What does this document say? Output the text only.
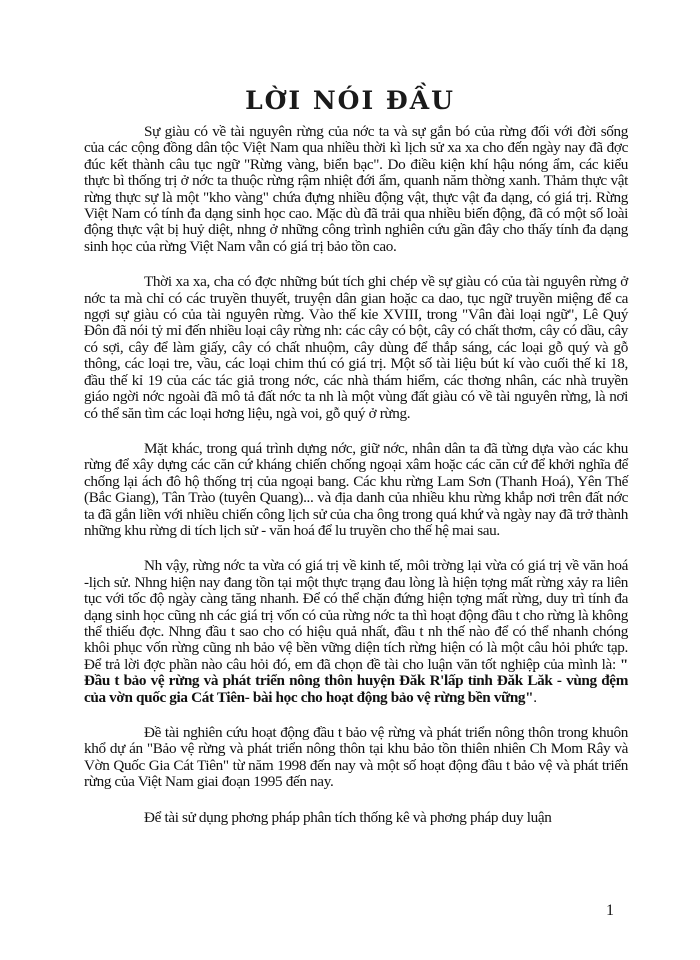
LỜI NÓI ĐẦU

Sự giàu có về tài nguyên rừng của nớc ta và sự gắn bó của rừng đối với đời sống của các cộng đồng dân tộc Việt Nam qua nhiều thời kì lịch sử xa xa cho đến ngày nay đã đợc đúc kết thành câu tục ngữ "Rừng vàng, biển bạc". Do điều kiện khí hậu nóng ẩm, các kiểu thực bì thống trị ở nớc ta thuộc rừng rậm nhiệt đới ẩm, quanh năm thờng xanh. Thảm thực vật rừng thực sự là một "kho vàng" chứa đựng nhiều động vật, thực vật đa dạng, có giá trị. Rừng Việt Nam có tính đa dạng sinh học cao. Mặc dù đã trải qua nhiều biến động, đã có một số loài động thực vật bị huỷ diệt, nhng ở những công trình nghiên cứu gần đây cho thấy tính đa dạng sinh học của rừng Việt Nam vẫn có giá trị bảo tồn cao.

Thời xa xa, cha có đợc những bút tích ghi chép về sự giàu có của tài nguyên rừng ở nớc ta mà chỉ có các truyền thuyết, truyện dân gian hoặc ca dao, tục ngữ truyền miệng để ca ngợi sự giàu có của tài nguyên rừng. Vào thế kỉe XVIII, trong "Vân đài loại ngữ", Lê Quý Đôn đã nói tỷ mỉ đến nhiều loại cây rừng nh: các cây có bột, cây có chất thơm, cây có dầu, cây có sợi, cây để làm giấy, cây có chất nhuộm, cây dùng để thắp sáng, các loại gỗ quý và gỗ thông, các loại tre, vầu, các loại chim thú có giá trị. Một số tài liệu bút kí vào cuối thế kỉ 18, đầu thế kỉ 19 của các tác giả trong nớc, các nhà thám hiểm, các thơng nhân, các nhà truyền giáo ngời nớc ngoài đã mô tả đất nớc ta nh là một vùng đất giàu có về tài nguyên rừng, là nơi có thể săn tìm các loại hơng liệu, ngà voi, gỗ quý ở rừng.

Mặt khác, trong quá trình dựng nớc, giữ nớc, nhân dân ta đã từng dựa vào các khu rừng để xây dựng các căn cứ kháng chiến chống ngoại xâm hoặc các căn cứ để khởi nghĩa để chống lại ách đô hộ thống trị của ngoại bang. Các khu rừng Lam Sơn (Thanh Hoá), Yên Thế (Bắc Giang), Tân Trào (tuyên Quang)... và địa danh của nhiều khu rừng khắp nơi trên đất nớc ta đã gắn liền với nhiều chiến công lịch sử của cha ông trong quá khứ và ngày nay đã trở thành những khu rừng di tích lịch sử - văn hoá để lu truyền cho thế hệ mai sau.

Nh vậy, rừng nớc ta vừa có giá trị về kinh tế, môi trờng lại vừa có giá trị về văn hoá -lịch sử. Nhng hiện nay đang tồn tại một thực trạng đau lòng là hiện tợng mất rừng xảy ra liên tục với tốc độ ngày càng tăng nhanh. Để có thể chặn đứng hiện tợng mất rừng, duy trì tính đa dạng sinh học cũng nh các giá trị vốn có của rừng nớc ta thì hoạt động đầu t cho rừng là không thể thiếu đợc. Nhng đầu t sao cho có hiệu quả nhất, đầu t nh thế nào để có thể nhanh chóng khôi phục vốn rừng cũng nh bảo vệ bền vững diện tích rừng hiện có là một câu hỏi phức tạp. Để trả lời đợc phần nào câu hỏi đó, em đã chọn đề tài cho luận văn tốt nghiệp của mình là: " Đầu t bảo vệ rừng và phát triển nông thôn huyện Đăk R'lấp tỉnh Đăk Lăk - vùng đệm của vờn quốc gia Cát Tiên- bài học cho hoạt động bảo vệ rừng bền vững".

Đề tài nghiên cứu hoạt động đầu t bảo vệ rừng và phát triển nông thôn trong khuôn khổ dự án "Bảo vệ rừng và phát triển nông thôn tại khu bảo tồn thiên nhiên Ch Mom Rây và Vờn Quốc Gia Cát Tiên" từ năm 1998 đến nay và một số hoạt động đầu t bảo vệ và phát triển rừng của Việt Nam giai đoạn 1995 đến nay.

Để tài sử dụng phơng pháp phân tích thống kê và phơng pháp duy luận

1
